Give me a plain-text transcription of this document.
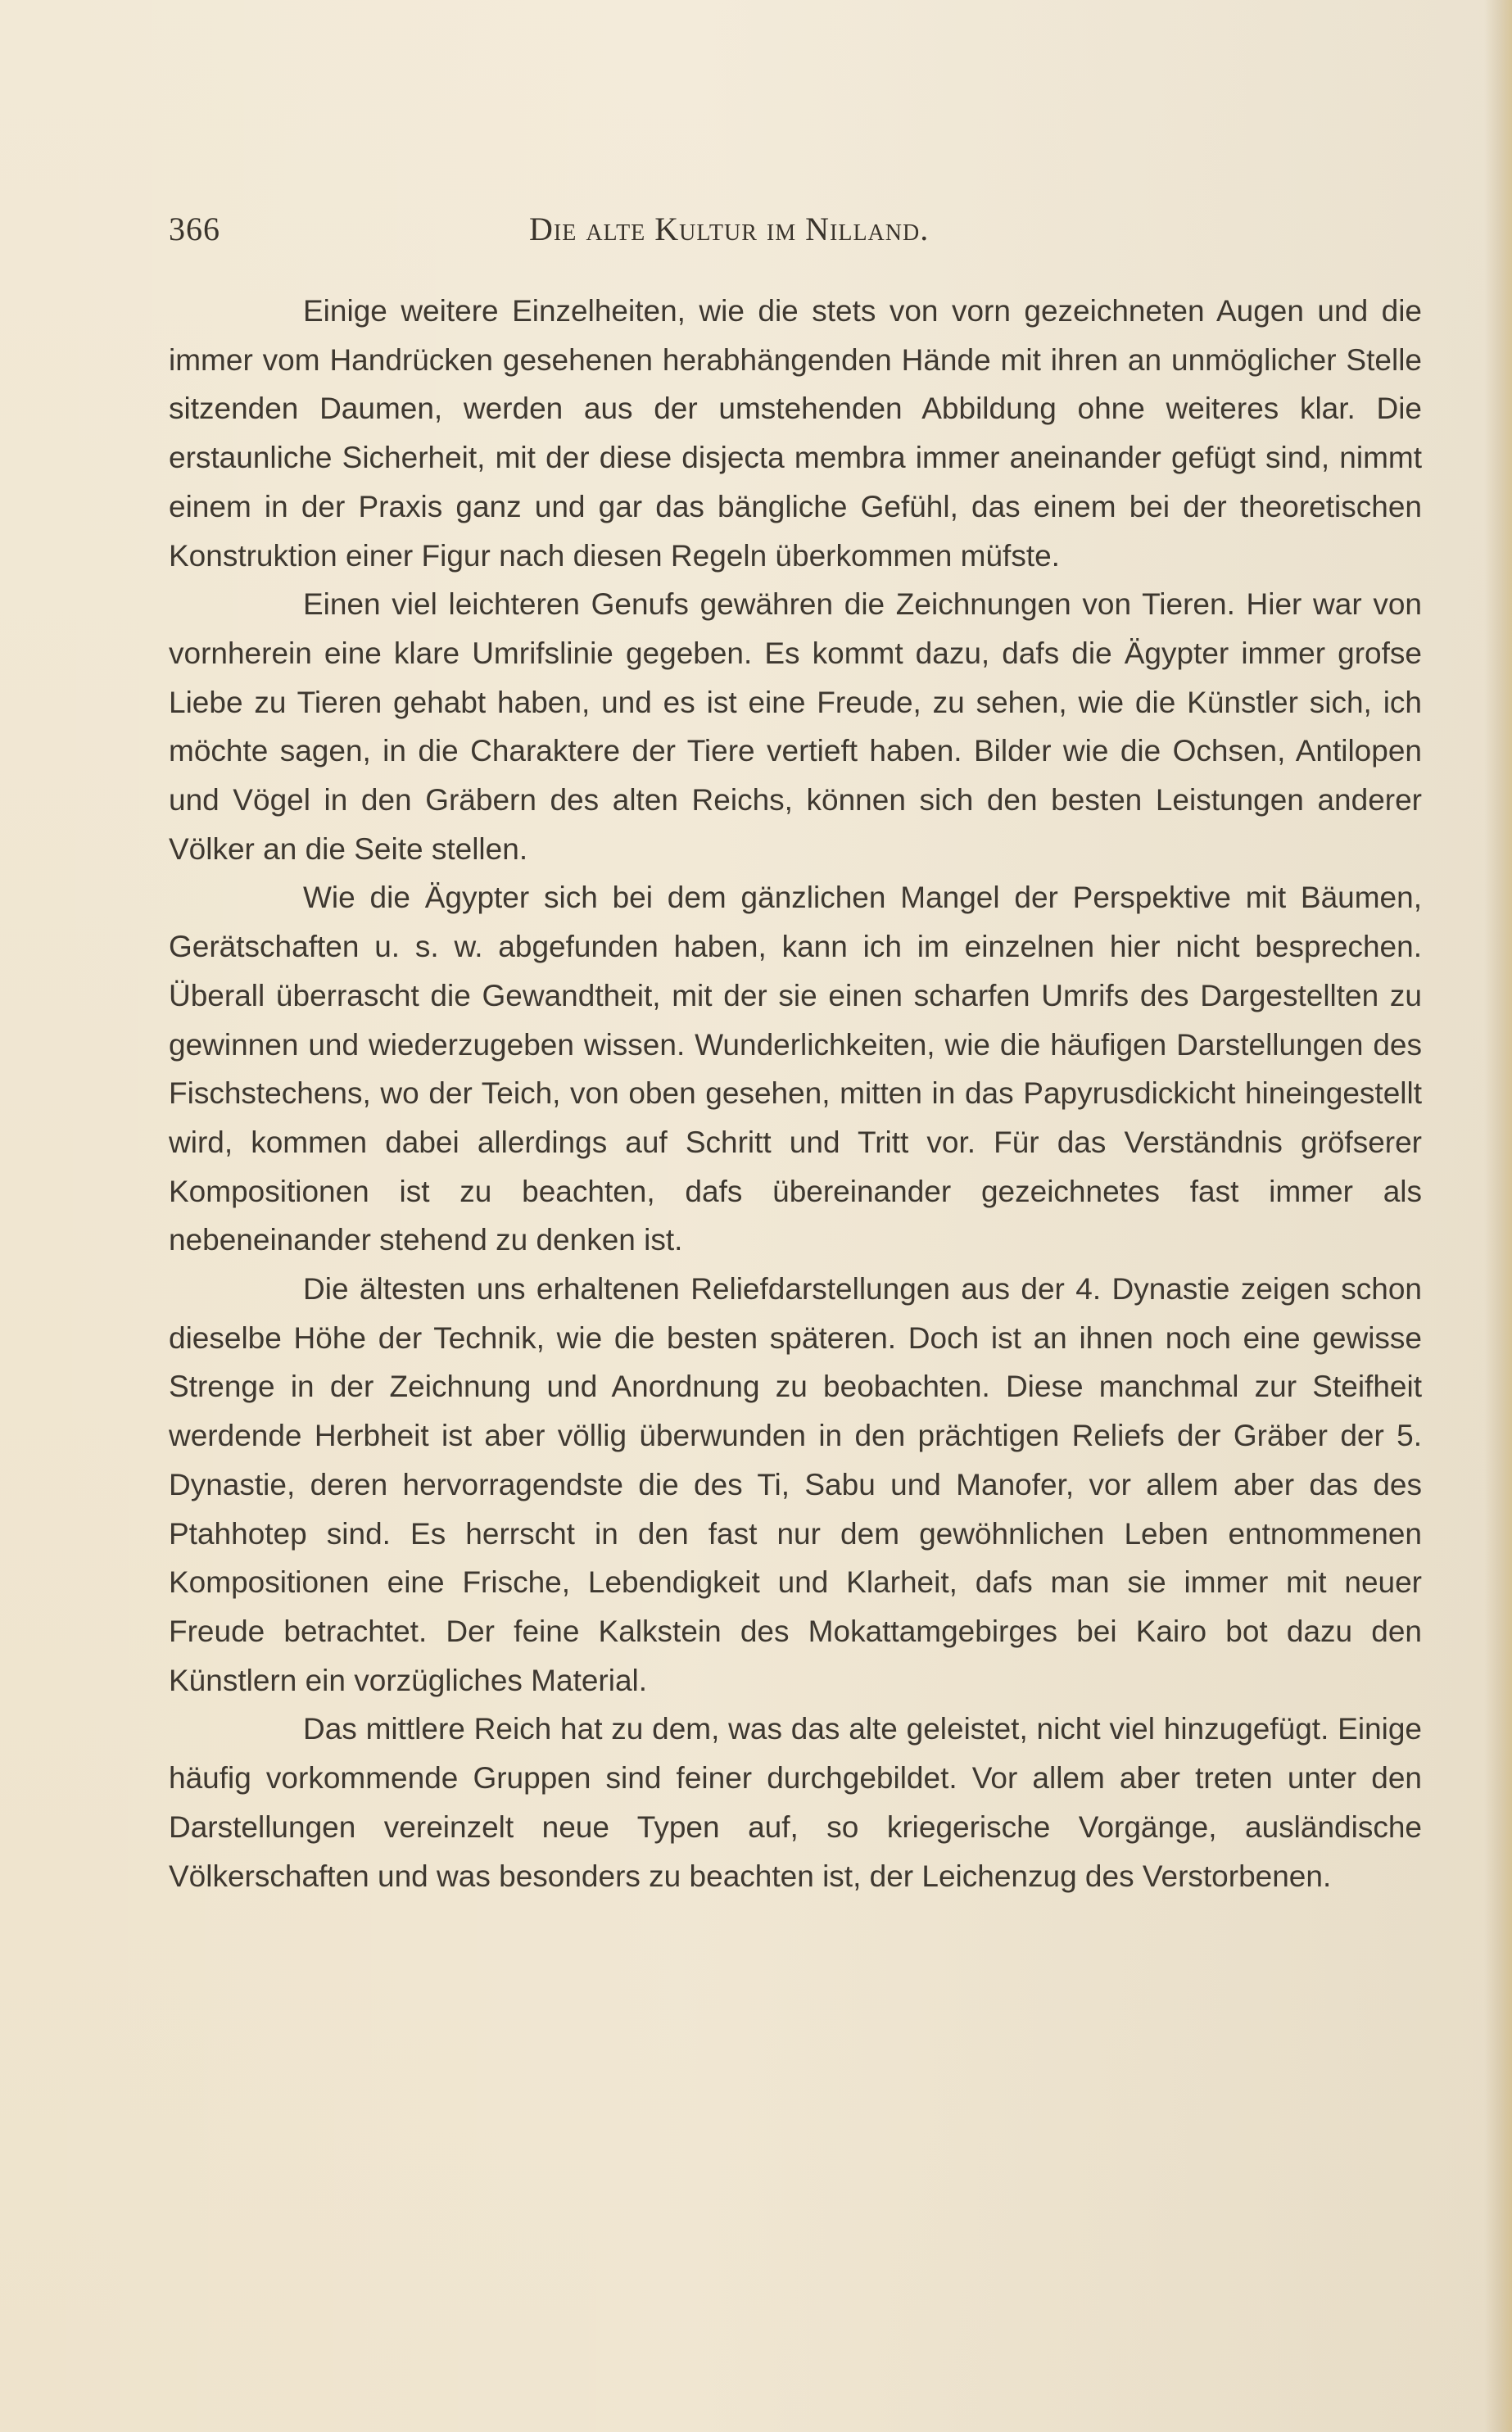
366	Die alte Kultur im Nilland.

Einige weitere Einzelheiten, wie die stets von vorn gezeichneten Augen und die immer vom Handrücken gesehenen herabhängenden Hände mit ihren an unmöglicher Stelle sitzenden Daumen, werden aus der umstehenden Abbildung ohne weiteres klar. Die erstaunliche Sicherheit, mit der diese disjecta membra immer aneinander gefügt sind, nimmt einem in der Praxis ganz und gar das bängliche Gefühl, das einem bei der theoretischen Konstruktion einer Figur nach diesen Regeln überkommen müfste.

Einen viel leichteren Genufs gewähren die Zeichnungen von Tieren. Hier war von vornherein eine klare Umrifslinie gegeben. Es kommt dazu, dafs die Ägypter immer grofse Liebe zu Tieren gehabt haben, und es ist eine Freude, zu sehen, wie die Künstler sich, ich möchte sagen, in die Charaktere der Tiere vertieft haben. Bilder wie die Ochsen, Antilopen und Vögel in den Gräbern des alten Reichs, können sich den besten Leistungen anderer Völker an die Seite stellen.

Wie die Ägypter sich bei dem gänzlichen Mangel der Perspektive mit Bäumen, Gerätschaften u. s. w. abgefunden haben, kann ich im einzelnen hier nicht besprechen. Überall überrascht die Gewandtheit, mit der sie einen scharfen Umrifs des Dargestellten zu gewinnen und wiederzugeben wissen. Wunderlichkeiten, wie die häufigen Darstellungen des Fischstechens, wo der Teich, von oben gesehen, mitten in das Papyrusdickicht hineingestellt wird, kommen dabei allerdings auf Schritt und Tritt vor. Für das Verständnis gröfserer Kompositionen ist zu beachten, dafs übereinander gezeichnetes fast immer als nebeneinander stehend zu denken ist.

Die ältesten uns erhaltenen Reliefdarstellungen aus der 4. Dynastie zeigen schon dieselbe Höhe der Technik, wie die besten späteren. Doch ist an ihnen noch eine gewisse Strenge in der Zeichnung und Anordnung zu beobachten. Diese manchmal zur Steifheit werdende Herbheit ist aber völlig überwunden in den prächtigen Reliefs der Gräber der 5. Dynastie, deren hervorragendste die des Ti, Sabu und Manofer, vor allem aber das des Ptahhotep sind. Es herrscht in den fast nur dem gewöhnlichen Leben entnommenen Kompositionen eine Frische, Lebendigkeit und Klarheit, dafs man sie immer mit neuer Freude betrachtet. Der feine Kalkstein des Mokattamgebirges bei Kairo bot dazu den Künstlern ein vorzügliches Material.

Das mittlere Reich hat zu dem, was das alte geleistet, nicht viel hinzugefügt. Einige häufig vorkommende Gruppen sind feiner durchgebildet. Vor allem aber treten unter den Darstellungen vereinzelt neue Typen auf, so kriegerische Vorgänge, ausländische Völkerschaften und was besonders zu beachten ist, der Leichenzug des Verstorbenen.
